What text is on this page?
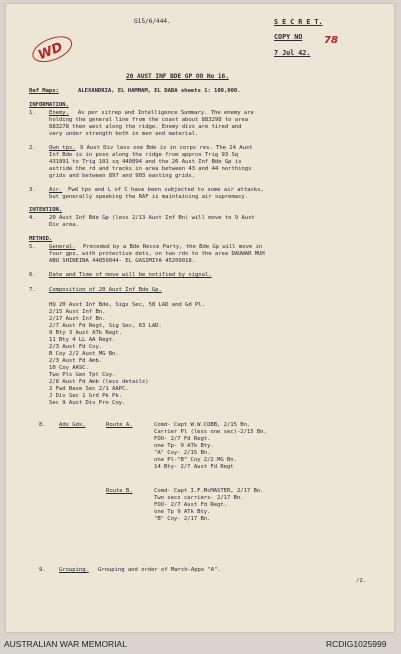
G15/6/444.	S E C R E T.
COPY NO 78
7 Jul 42.
WD
20 AUST INF BDE GP OO No 16.
Ref Maps:	ALEXANDRIA, EL HAMMAM, EL DABA sheets 1: 100,000.
INFORMATION.
1. Enemy. As per sitrep and Intelligence Summary. The enemy are
holding the general line from the coast about 883298 to area
883278 then west along the ridge. Enemy divs are tired and
very under strength both in men and material.
2. Own tps. 9 Aust Div less one Bde is in corps res. The 24 Aust
Inf Bde is in posn along the ridge from approx Trig 93 Sq
431891 to Trig 101 sq 440894 and the 26 Aust Inf Bde Gp is
astride the rd and tracks in area between 43 and 44 northings
grids and between 897 and 903 easting grids.
3. Air. Fwd tps and L of C have been subjected to some air attacks,
but generally speaking the RAF is maintaining air supremacy.
INTENTION.
4. 20 Aust Inf Bde Gp (less 2/13 Aust Inf Bn) will move to 9 Aust
Div area.
METHOD.
5. General. Preceded by a Bde Recce Party, the Bde Gp will move in
four gps, with protective dets, on two rds to the area DAUWAR MUH
ABU SHINEINA 44859044- EL GASIMIYA 45209018.
6. Date and Time of move will be notified by signal.
7. Composition of 20 Aust Inf Bde Gp.
HQ 20 Aust Inf Bde, Sigs Sec, 58 LAD and Gd Pl.
2/15 Aust Inf Bn.
2/17 Aust Inf Bn.
2/7 Aust Fd Regt, Sig Sec, 63 LAD.
9 Bty 3 Aust ATk Regt.
11 Bty 4 LL AA Regt.
2/3 Aust Fd Coy.
B Coy 2/2 Aust MG Bn.
2/3 Aust Fd Amb.
10 Coy AASC.
Two Pls Gen Tpt Coy.
2/8 Aust Fd Amb (less details)
2 Fwd Base Sec 2/1 AAPC.
J Div Sec 1 Grd Pk Pk.
Sec 9 Aust Div Pro Coy.
8. Adv Gds.	Route A.	Comd- Capt W.W.COBB, 2/15 Bn.
Carrier Pl (less one sec)-2/15 Bn.
FOO- 2/7 Fd Regt.
one Tp- 9 ATk Bty.
"A" Coy- 2/15 Bn.
one Pl-"B" Coy 2/2 MG Bn.
14 Bty- 2/7 Aust Fd Regt
Route B.	Comd- Capt I.F.McMASTER, 2/17 Bn.
Two secs carriers- 2/17 Bn.
FOO- 2/7 Aust Fd Regt.
one Tp 9 ATk Bty.
"B" Coy- 2/17 Bn.
9. Grouping. Grouping and order of March-Appx "A".
/2.
AUSTRALIAN WAR MEMORIAL	RCDIG1025999
